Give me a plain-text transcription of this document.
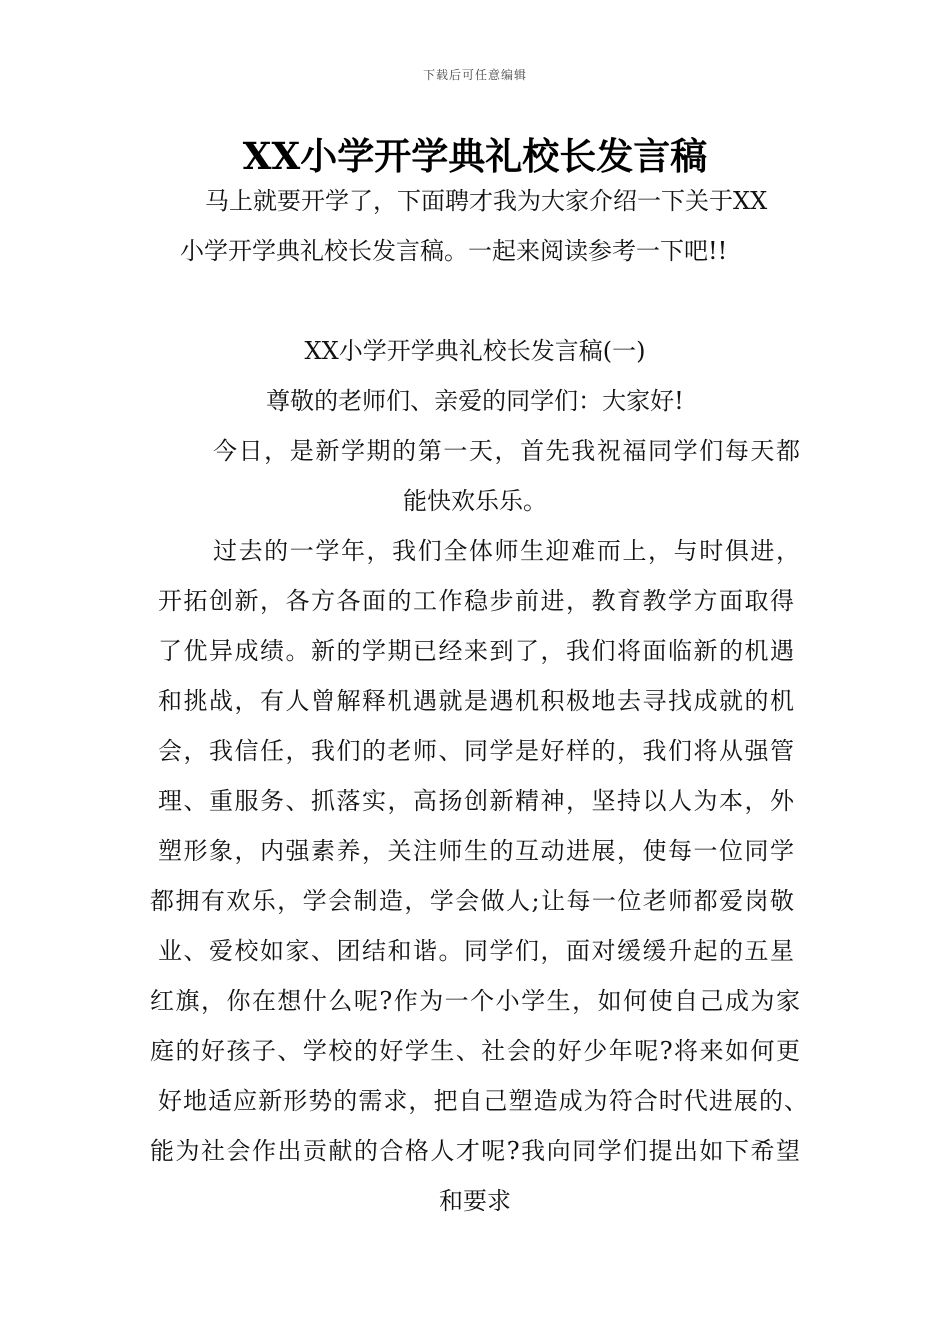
下载后可任意编辑
XX小学开学典礼校长发言稿
马上就要开学了，下面聘才我为大家介绍一下关于XX
小学开学典礼校长发言稿。一起来阅读参考一下吧!!
XX小学开学典礼校长发言稿(一)
尊敬的老师们、亲爱的同学们：大家好!
今日，是新学期的第一天，首先我祝福同学们每天都
能快欢乐乐。
过去的一学年，我们全体师生迎难而上，与时俱进，
开拓创新，各方各面的工作稳步前进，教育教学方面取得
了优异成绩。新的学期已经来到了，我们将面临新的机遇
和挑战，有人曾解释机遇就是遇机积极地去寻找成就的机
会，我信任，我们的老师、同学是好样的，我们将从强管
理、重服务、抓落实，高扬创新精神，坚持以人为本，外
塑形象，内强素养，关注师生的互动进展，使每一位同学
都拥有欢乐，学会制造，学会做人;让每一位老师都爱岗敬
业、爱校如家、团结和谐。同学们，面对缓缓升起的五星
红旗，你在想什么呢?作为一个小学生，如何使自己成为家
庭的好孩子、学校的好学生、社会的好少年呢?将来如何更
好地适应新形势的需求，把自己塑造成为符合时代进展的、
能为社会作出贡献的合格人才呢?我向同学们提出如下希望
和要求
